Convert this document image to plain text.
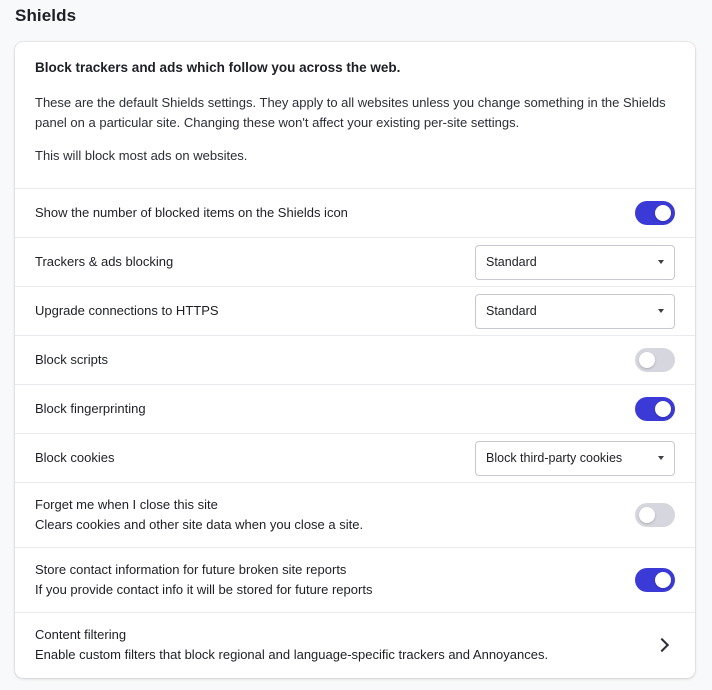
Shields

Block trackers and ads which follow you across the web.

These are the default Shields settings. They apply to all websites unless you change something in the Shields panel on a particular site. Changing these won't affect your existing per-site settings.

This will block most ads on websites.

Show the number of blocked items on the Shields icon
Trackers & ads blocking	Standard
Upgrade connections to HTTPS	Standard
Block scripts
Block fingerprinting
Block cookies	Block third-party cookies
Forget me when I close this site
Clears cookies and other site data when you close a site.
Store contact information for future broken site reports
If you provide contact info it will be stored for future reports
Content filtering
Enable custom filters that block regional and language-specific trackers and Annoyances.
